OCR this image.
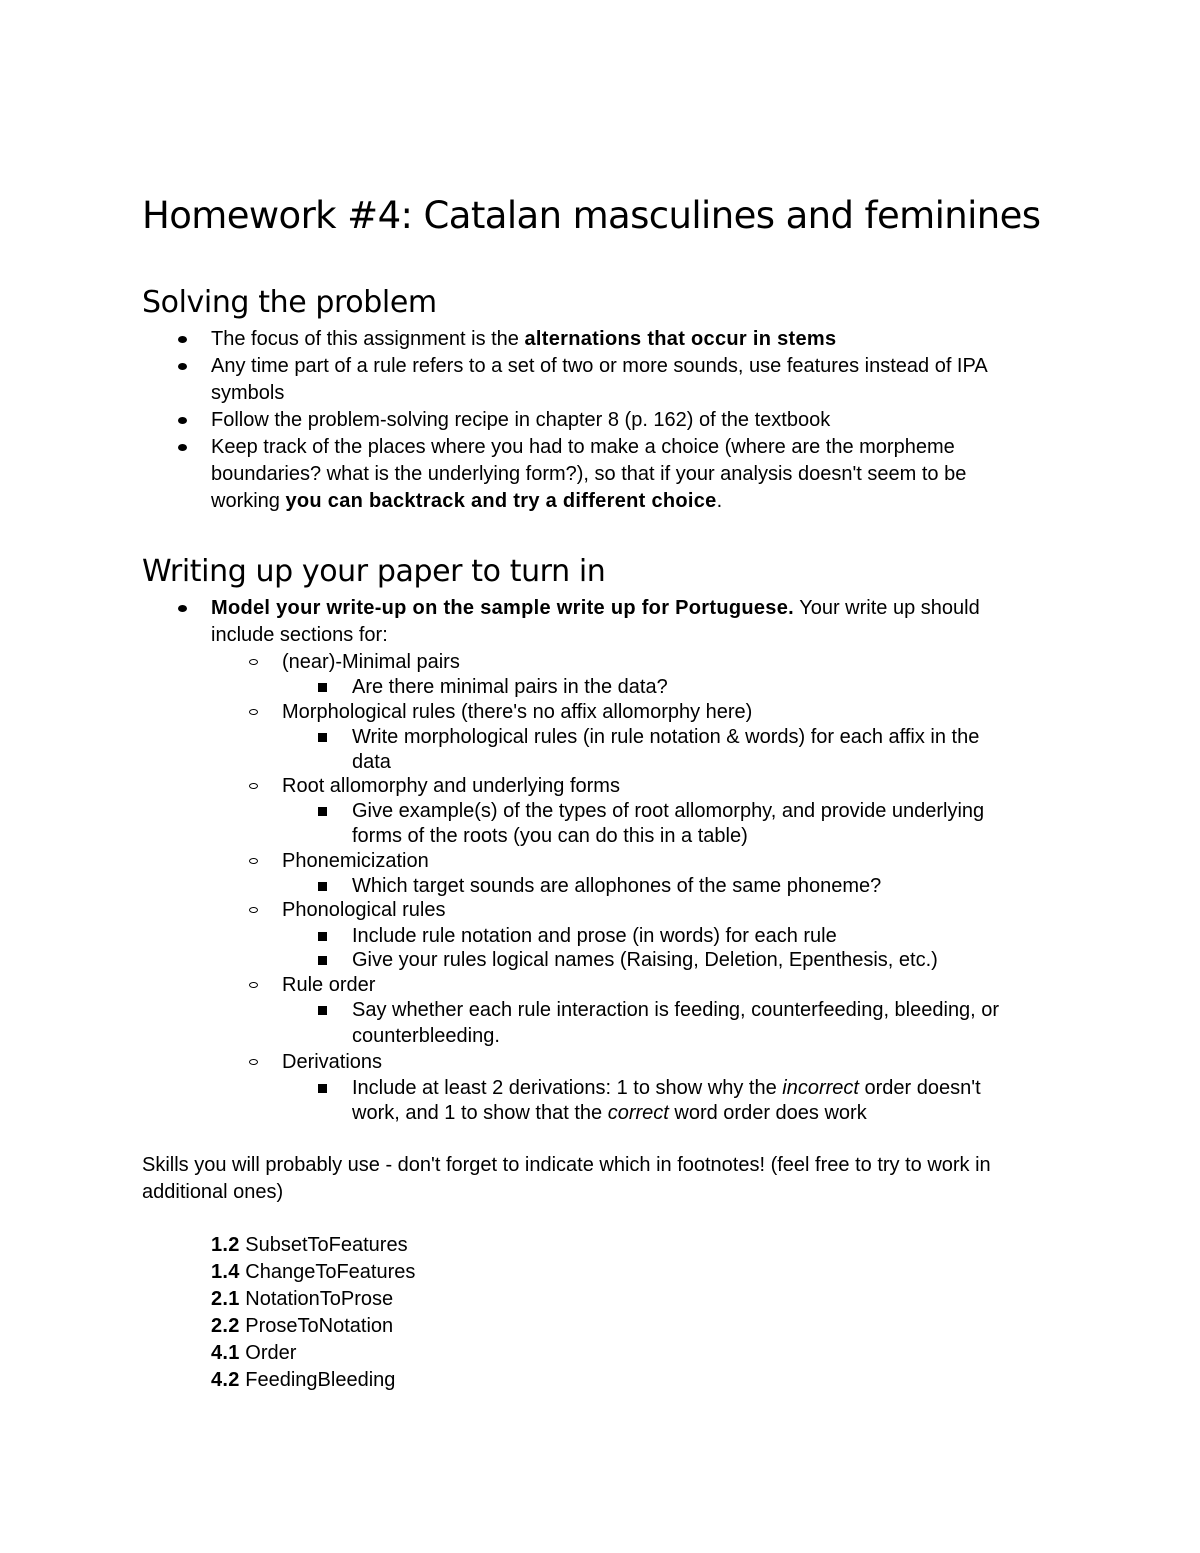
Homework #4: Catalan masculines and feminines
Solving the problem
The focus of this assignment is the alternations that occur in stems
Any time part of a rule refers to a set of two or more sounds, use features instead of IPA
symbols
Follow the problem-solving recipe in chapter 8 (p. 162) of the textbook
Keep track of the places where you had to make a choice (where are the morpheme
boundaries? what is the underlying form?), so that if your analysis doesn't seem to be
working you can backtrack and try a different choice.
Writing up your paper to turn in
Model your write-up on the sample write up for Portuguese. Your write up should
include sections for:
(near)-Minimal pairs
Are there minimal pairs in the data?
Morphological rules (there's no affix allomorphy here)
Write morphological rules (in rule notation & words) for each affix in the
data
Root allomorphy and underlying forms
Give example(s) of the types of root allomorphy, and provide underlying
forms of the roots (you can do this in a table)
Phonemicization
Which target sounds are allophones of the same phoneme?
Phonological rules
Include rule notation and prose (in words) for each rule
Give your rules logical names (Raising, Deletion, Epenthesis, etc.)
Rule order
Say whether each rule interaction is feeding, counterfeeding, bleeding, or
counterbleeding.
Derivations
Include at least 2 derivations: 1 to show why the incorrect order doesn't
work, and 1 to show that the correct word order does work
Skills you will probably use - don't forget to indicate which in footnotes! (feel free to try to work in
additional ones)
1.2 SubsetToFeatures
1.4 ChangeToFeatures
2.1 NotationToProse
2.2 ProseToNotation
4.1 Order
4.2 FeedingBleeding
